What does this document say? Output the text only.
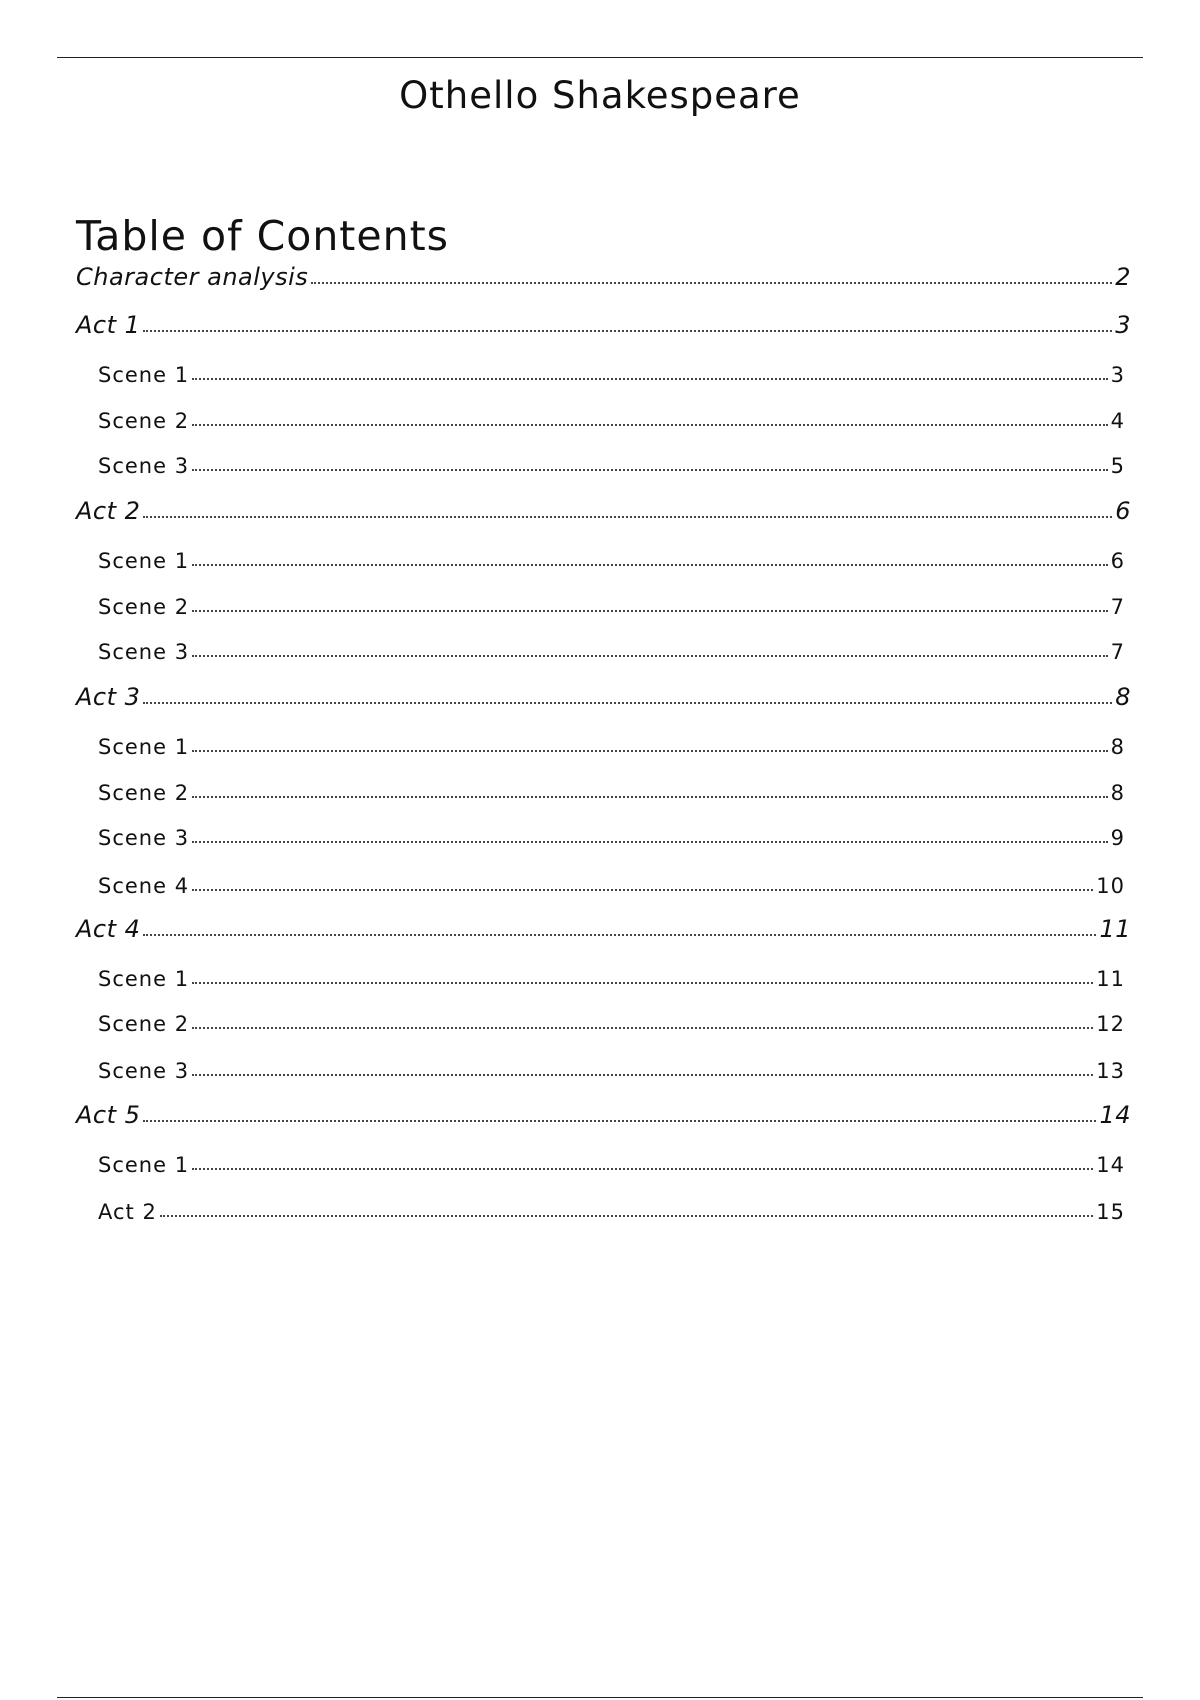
Othello Shakespeare
Table of Contents
Character analysis	2
Act 1	3
Scene 1	3
Scene 2	4
Scene 3	5
Act 2	6
Scene 1	6
Scene 2	7
Scene 3	7
Act 3	8
Scene 1	8
Scene 2	8
Scene 3	9
Scene 4	10
Act 4	11
Scene 1	11
Scene 2	12
Scene 3	13
Act 5	14
Scene 1	14
Act 2	15
